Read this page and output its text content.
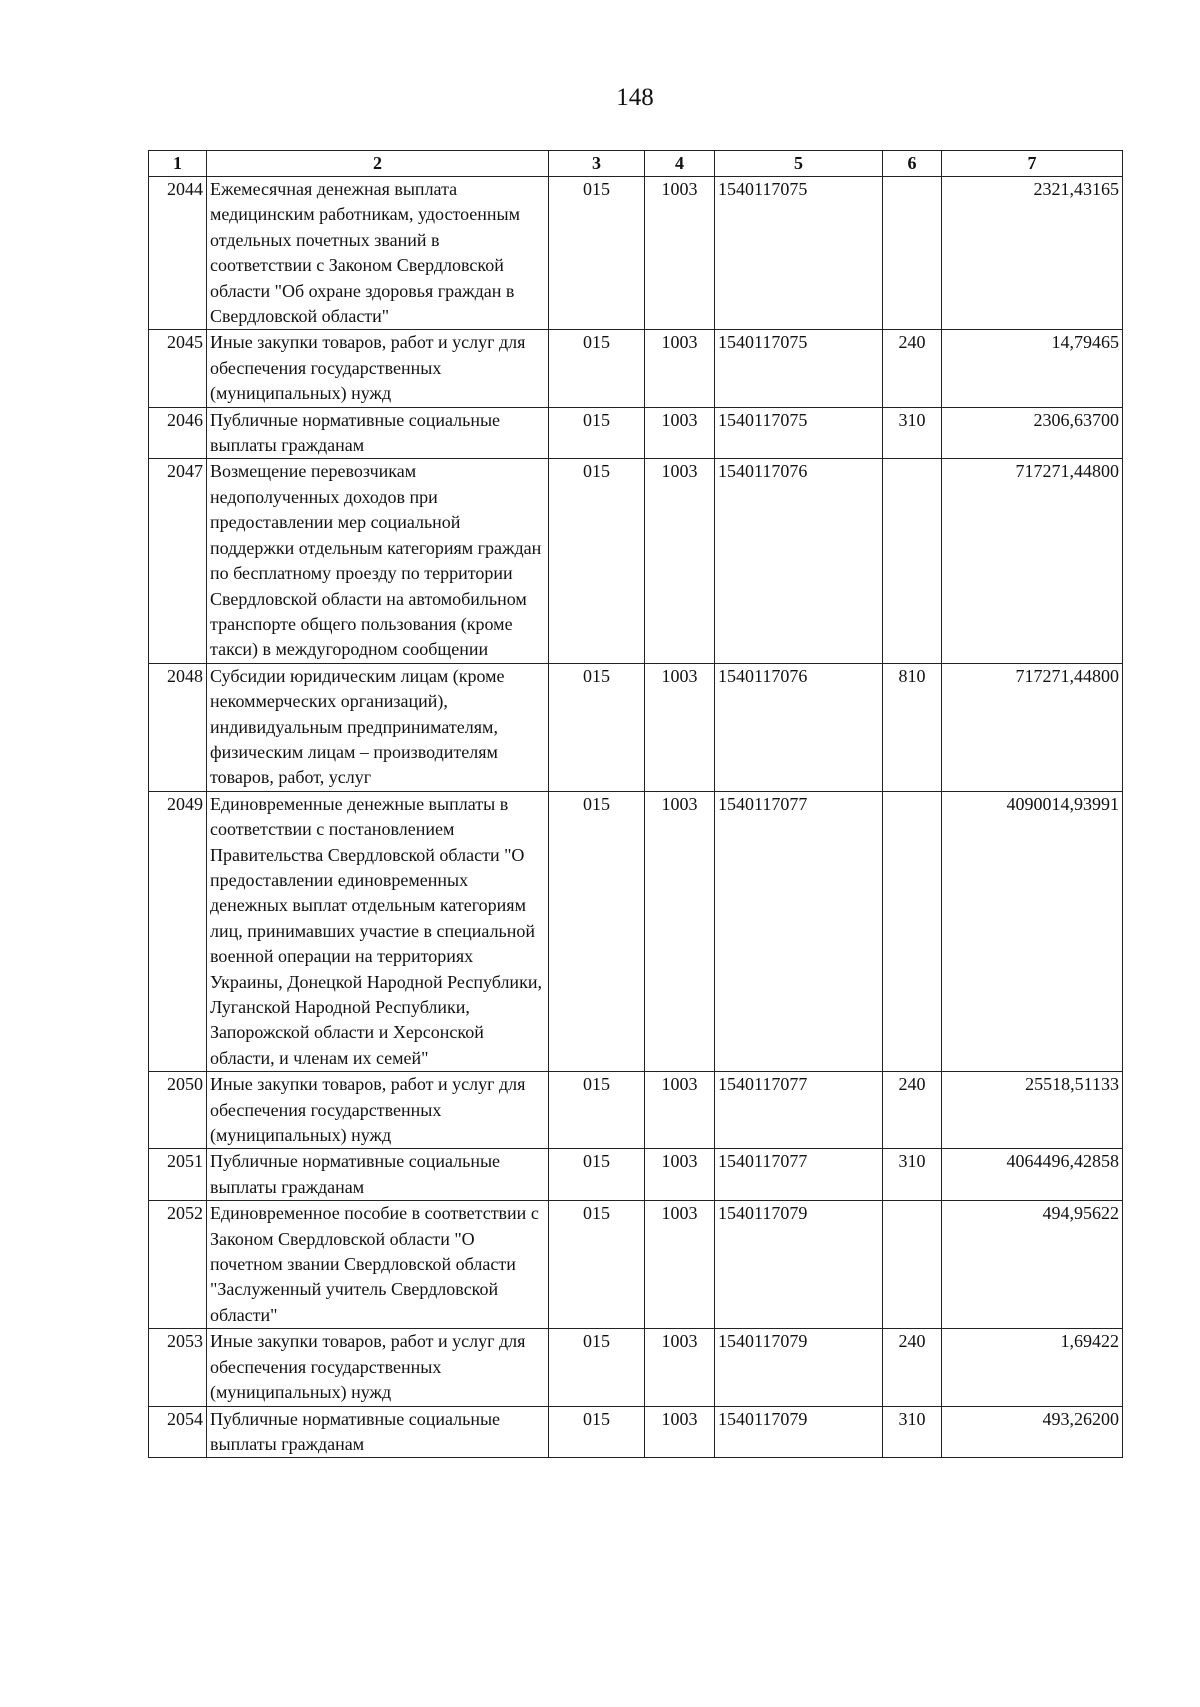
148
1	2	3	4	5	6	7
2044	Ежемесячная денежная выплата медицинским работникам, удостоенным отдельных почетных званий в соответствии с Законом Свердловской области "Об охране здоровья граждан в Свердловской области"	015	1003	1540117075		2321,43165
2045	Иные закупки товаров, работ и услуг для обеспечения государственных (муниципальных) нужд	015	1003	1540117075	240	14,79465
2046	Публичные нормативные социальные выплаты гражданам	015	1003	1540117075	310	2306,63700
2047	Возмещение перевозчикам недополученных доходов при предоставлении мер социальной поддержки отдельным категориям граждан по бесплатному проезду по территории Свердловской области на автомобильном транспорте общего пользования (кроме такси) в междугородном сообщении	015	1003	1540117076		717271,44800
2048	Субсидии юридическим лицам (кроме некоммерческих организаций), индивидуальным предпринимателям, физическим лицам – производителям товаров, работ, услуг	015	1003	1540117076	810	717271,44800
2049	Единовременные денежные выплаты в соответствии с постановлением Правительства Свердловской области "О предоставлении единовременных денежных выплат отдельным категориям лиц, принимавших участие в специальной военной операции на территориях Украины, Донецкой Народной Республики, Луганской Народной Республики, Запорожской области и Херсонской области, и членам их семей"	015	1003	1540117077		4090014,93991
2050	Иные закупки товаров, работ и услуг для обеспечения государственных (муниципальных) нужд	015	1003	1540117077	240	25518,51133
2051	Публичные нормативные социальные выплаты гражданам	015	1003	1540117077	310	4064496,42858
2052	Единовременное пособие в соответствии с Законом Свердловской области "О почетном звании Свердловской области "Заслуженный учитель Свердловской области"	015	1003	1540117079		494,95622
2053	Иные закупки товаров, работ и услуг для обеспечения государственных (муниципальных) нужд	015	1003	1540117079	240	1,69422
2054	Публичные нормативные социальные выплаты гражданам	015	1003	1540117079	310	493,26200
